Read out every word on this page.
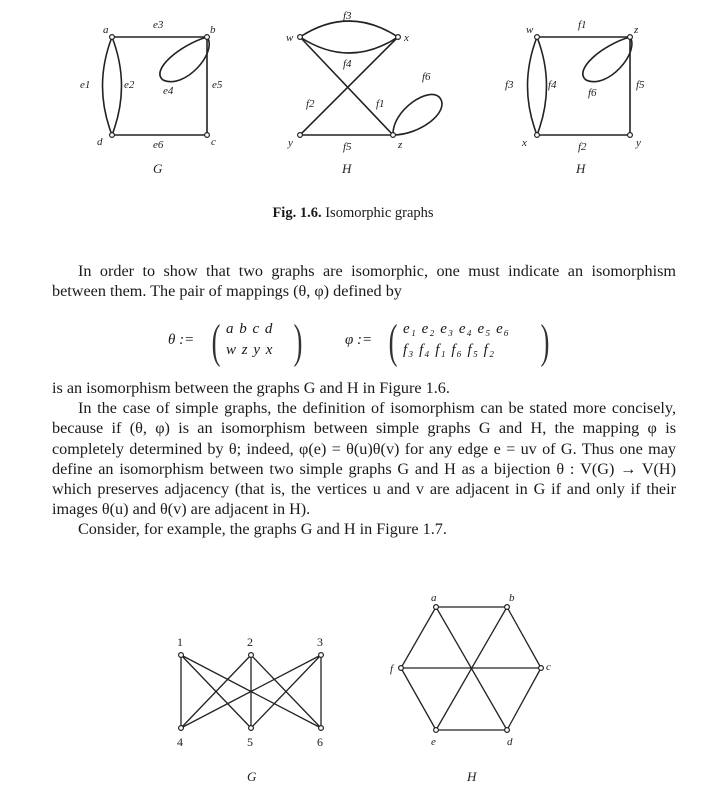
a	b
c
d
e3
e1	e2	e4	e5
e6
G
w	x
y	z
f3
f4
f6
f2	f1
f5
H
w	z
x	y
f1
f3	f4
f6
f5
f2
H
1	2	3
4	5	6
G
a	b
c
d
e
f
H
Fig. 1.6. Isomorphic graphs

In order to show that two graphs are isomorphic, one must indicate an isomorphism between them. The pair of mappings (θ, φ) defined by

θ := ( a b c d
w z y x )	φ := ( e₁ e₂ e₃ e₄ e₅ e₆
f₃ f₄ f₁ f₆ f₅ f₂ )

is an isomorphism between the graphs G and H in Figure 1.6.

In the case of simple graphs, the definition of isomorphism can be stated more concisely, because if (θ, φ) is an isomorphism between simple graphs G and H, the mapping φ is completely determined by θ; indeed, φ(e) = θ(u)θ(v) for any edge e = uv of G. Thus one may define an isomorphism between two simple graphs G and H as a bijection θ : V(G) → V(H) which preserves adjacency (that is, the vertices u and v are adjacent in G if and only if their images θ(u) and θ(v) are adjacent in H).

Consider, for example, the graphs G and H in Figure 1.7.
